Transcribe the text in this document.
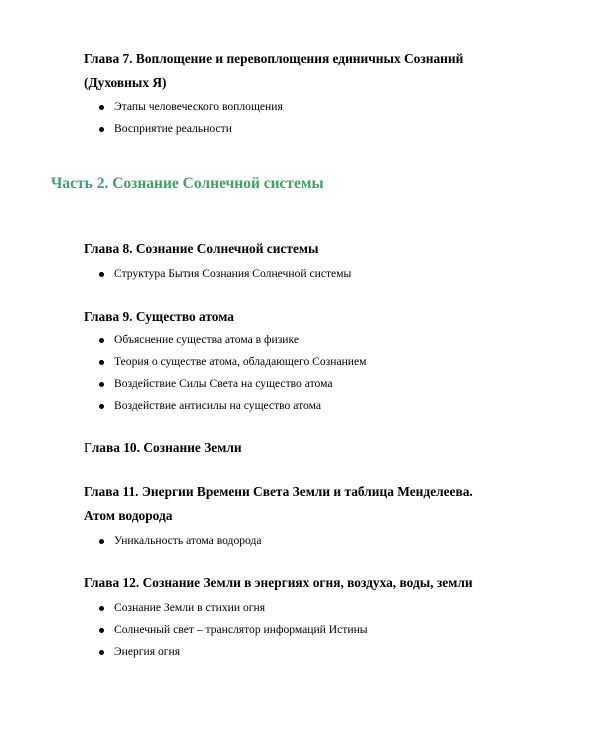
Глава 7. Воплощение и перевоплощения единичных Сознаний
(Духовных Я)
Этапы человеческого воплощения
Восприятие реальности
Часть 2. Сознание Солнечной системы
Глава 8. Сознание Солнечной системы
Структура Бытия Сознания Солнечной системы
Глава 9. Существо атома
Объяснение существа атома в физике
Теория о существе атома, обладающего Сознанием
Воздействие Силы Света на существо атома
Воздействие антисилы на существо атома
Глава 10. Сознание Земли
Глава 11. Энергии Времени Света Земли и таблица Менделеева.
Атом водорода
Уникальность атома водорода
Глава 12. Сознание Земли в энергиях огня, воздуха, воды, земли
Сознание Земли в стихии огня
Солнечный свет – транслятор информаций Истины
Энергия огня
